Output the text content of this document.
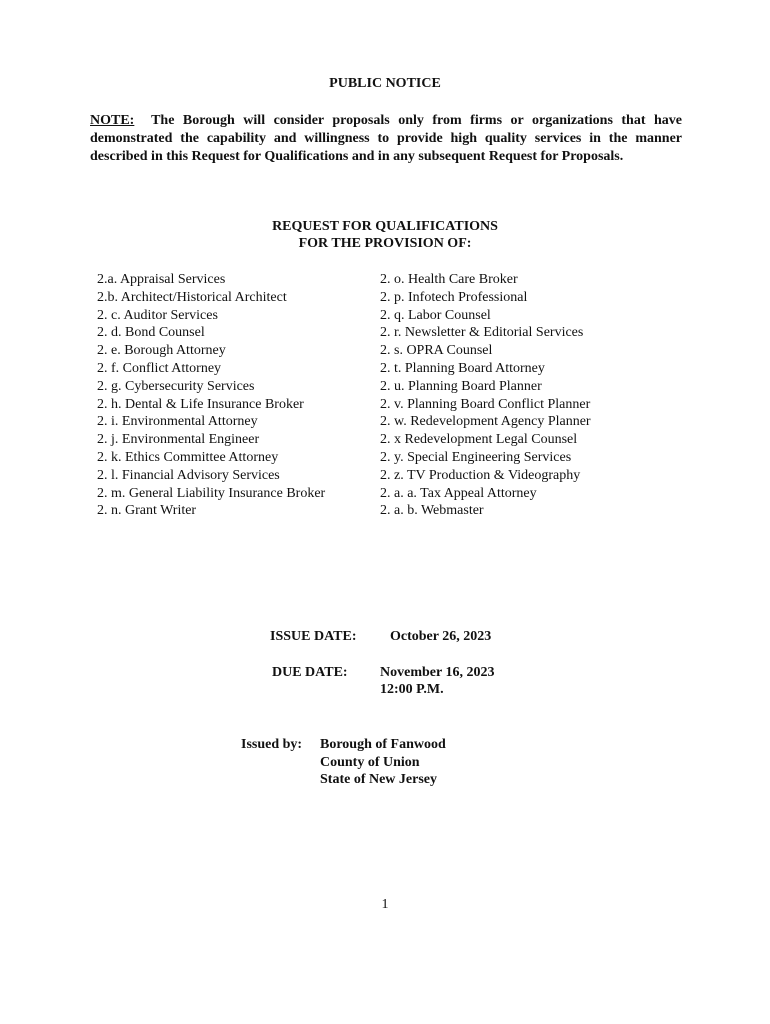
PUBLIC NOTICE
NOTE: The Borough will consider proposals only from firms or organizations that have demonstrated the capability and willingness to provide high quality services in the manner described in this Request for Qualifications and in any subsequent Request for Proposals.
REQUEST FOR QUALIFICATIONS
FOR THE PROVISION OF:
2.a. Appraisal Services
2.b. Architect/Historical Architect
2. c. Auditor Services
2. d. Bond Counsel
2. e. Borough Attorney
2. f. Conflict Attorney
2. g. Cybersecurity Services
2. h. Dental & Life Insurance Broker
2. i. Environmental Attorney
2. j. Environmental Engineer
2. k. Ethics Committee Attorney
2. l. Financial Advisory Services
2. m. General Liability Insurance Broker
2. n. Grant Writer
2. o. Health Care Broker
2. p. Infotech Professional
2. q. Labor Counsel
2. r. Newsletter & Editorial Services
2. s. OPRA Counsel
2. t. Planning Board Attorney
2. u. Planning Board Planner
2. v. Planning Board Conflict Planner
2. w. Redevelopment Agency Planner
2. x Redevelopment Legal Counsel
2. y. Special Engineering Services
2. z. TV Production & Videography
2. a. a. Tax Appeal Attorney
2. a. b. Webmaster
ISSUE DATE: October 26, 2023
DUE DATE: November 16, 2023
12:00 P.M.
Issued by: Borough of Fanwood
County of Union
State of New Jersey
1
